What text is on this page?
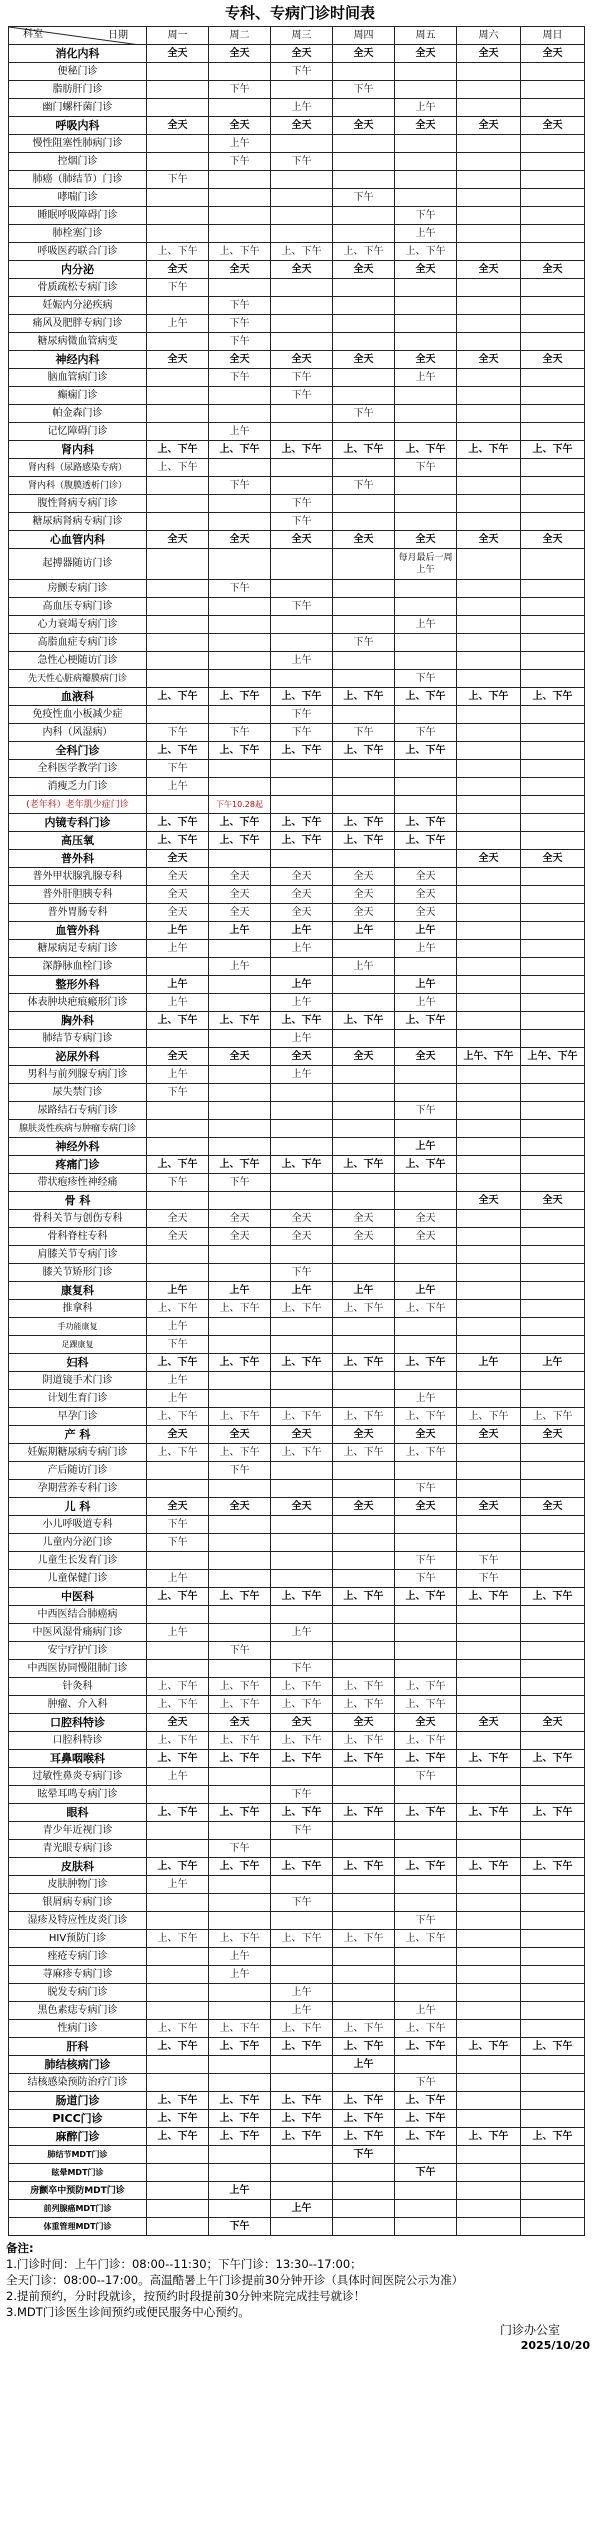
专科、专病门诊时间表
科室 日期	周一	周二	周三	周四	周五	周六	周日
消化内科	全天	全天	全天	全天	全天	全天	全天
便秘门诊			下午				
脂肪肝门诊		下午		下午			
幽门螺杆菌门诊			上午		上午		
呼吸内科	全天	全天	全天	全天	全天	全天	全天
慢性阻塞性肺病门诊		上午					
控烟门诊		下午	下午				
肺癌（肺结节）门诊	下午						
哮喘门诊				下午			
睡眠呼吸障碍门诊					下午		
肺栓塞门诊					上午		
呼吸医药联合门诊	上、下午	上、下午	上、下午	上、下午	上、下午		
内分泌	全天	全天	全天	全天	全天	全天	全天
骨质疏松专病门诊	下午						
妊娠内分泌疾病		下午					
痛风及肥胖专病门诊	上午	下午					
糖尿病微血管病变		下午					
神经内科	全天	全天	全天	全天	全天	全天	全天
脑血管病门诊		下午	下午		上午		
癫痫门诊			下午				
帕金森门诊				下午			
记忆障碍门诊		上午					
肾内科	上、下午	上、下午	上、下午	上、下午	上、下午	上、下午	上、下午
肾内科（尿路感染专病）	上、下午				下午		
肾内科（腹膜透析门诊）		下午		下午			
腹性肾病专病门诊			下午				
糖尿病肾病专病门诊			下午				
心血管内科	全天	全天	全天	全天	全天	全天	全天
起搏器随访门诊					每月最后一周上午		
房颤专病门诊		下午					
高血压专病门诊			下午				
心力衰竭专病门诊					上午		
高脂血症专病门诊				下午			
急性心梗随访门诊			上午				
先天性心脏病瓣膜病门诊					下午		
血液科	上、下午	上、下午	上、下午	上、下午	上、下午	上、下午	上、下午
免疫性血小板减少症			下午				
内科（风湿病）	下午	下午	下午	下午	下午		
全科门诊	上、下午	上、下午	上、下午	上、下午	上、下午		
全科医学教学门诊	下午						
消瘦乏力门诊	上午						
(老年科）老年肌少症门诊		下午10.28起					
内镜专科门诊	上、下午	上、下午	上、下午	上、下午	上、下午		
高压氧	上、下午	上、下午	上、下午	上、下午	上、下午		
普外科	全天					全天	全天
普外甲状腺乳腺专科	全天	全天	全天	全天	全天		
普外肝胆胰专科	全天	全天	全天	全天	全天		
普外胃肠专科	全天	全天	全天	全天	全天		
血管外科	上午	上午	上午	上午	上午		
糖尿病足专病门诊	上午		上午		上午		
深静脉血栓门诊		上午		上午			
整形外科	上午		上午		上午		
体表肿块疤痕瘢形门诊	上午		上午		上午		
胸外科	上、下午	上、下午	上、下午	上、下午	上、下午		
肺结节专病门诊			上午				
泌尿外科	全天	全天	全天	全天	全天	上午、下午	上午、下午
男科与前列腺专病门诊	上午		上午				
尿失禁门诊	下午						
尿路结石专病门诊					下午		
腺肤炎性疾病与肿瘤专病门诊							
神经外科					上午		
疼痛门诊	上、下午	上、下午	上、下午	上、下午	上、下午		
带状疱疹性神经痛	下午	下午					
骨 科						全天	全天
骨科关节与创伤专科	全天	全天	全天	全天	全天		
骨科脊柱专科	全天	全天	全天	全天	全天		
肩膝关节专病门诊							
膝关节矫形门诊			下午				
康复科	上午	上午	上午	上午	上午		
推拿科	上、下午	上、下午	上、下午	上、下午	上、下午		
手功能康复	上午						
足踝康复	下午						
妇科	上、下午	上、下午	上、下午	上、下午	上、下午	上午	上午
阴道镜手术门诊	上午						
计划生育门诊	上午				上午		
早孕门诊	上、下午	上、下午	上、下午	上、下午	上、下午	上、下午	上、下午
产 科	全天	全天	全天	全天	全天	全天	全天
妊娠期糖尿病专病门诊	上、下午	上、下午	上、下午	上、下午	上、下午		
产后随访门诊		下午					
孕期营养专科门诊					下午		
儿 科	全天	全天	全天	全天	全天	全天	全天
小儿呼吸道专科	下午						
儿童内分泌门诊	下午						
儿童生长发育门诊					下午	下午	
儿童保健门诊	上午				下午	下午	
中医科	上、下午	上、下午	上、下午	上、下午	上、下午	上、下午	上、下午
中西医结合肺癌病							
中医风湿骨痛病门诊	上午		上午				
安宁疗护门诊		下午					
中西医协同慢阻肺门诊			下午				
针灸科	上、下午	上、下午	上、下午	上、下午	上、下午		
肿瘤、介入科	上、下午	上、下午	上、下午	上、下午	上、下午		
口腔科特诊	全天	全天	全天	全天	全天	全天	全天
口腔科特诊	上、下午	上、下午	上、下午	上、下午	上、下午		
耳鼻咽喉科	上、下午	上、下午	上、下午	上、下午	上、下午	上、下午	上、下午
过敏性鼻炎专病门诊	上午				下午		
眩晕耳鸣专病门诊			下午				
眼科	上、下午	上、下午	上、下午	上、下午	上、下午	上、下午	上、下午
青少年近视门诊			下午				
青光眼专病门诊		下午					
皮肤科	上、下午	上、下午	上、下午	上、下午	上、下午	上、下午	上、下午
皮肤肿物门诊	上午						
银屑病专病门诊			下午				
湿疹及特应性皮炎门诊					下午		
HIV预防门诊	上、下午	上、下午	上、下午	上、下午	上、下午		
痤疮专病门诊		上午					
荨麻疹专病门诊		上午					
脱发专病门诊			上午				
黑色素痣专病门诊			上午		上午		
性病门诊	上、下午	上、下午	上、下午	上、下午	上、下午		
肝科	上、下午	上、下午	上、下午	上、下午	上、下午	上、下午	上、下午
肺结核病门诊				上午			
结核感染预防治疗门诊					下午		
肠道门诊	上、下午	上、下午	上、下午	上、下午	上、下午		
PICC门诊	上、下午	上、下午	上、下午	上、下午	上、下午		
麻醉门诊	上、下午	上、下午	上、下午	上、下午	上、下午	上、下午	上、下午
肺结节MDT门诊				下午			
眩晕MDT门诊					下午		
房颤卒中预防MDT门诊		上午					
前列腺癌MDT门诊			上午				
体重管理MDT门诊		下午					
备注:
1.门诊时间：上午门诊：08:00--11:30；下午门诊：13:30--17:00；
全天门诊：08:00--17:00。高温酷暑上午门诊提前30分钟开诊（具体时间医院公示为准）
2.提前预约，分时段就诊，按预约时段提前30分钟来院完成挂号就诊！
3.MDT门诊医生诊间预约或便民服务中心预约。
门诊办公室
2025/10/20
